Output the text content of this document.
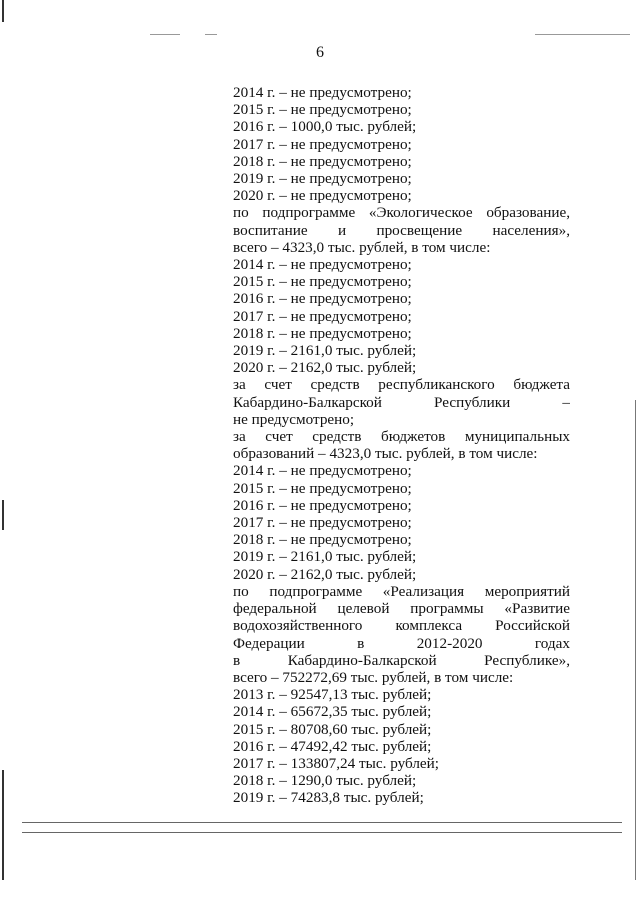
6
2014 г. – не предусмотрено;
2015 г. – не предусмотрено;
2016 г. – 1000,0 тыс. рублей;
2017 г. – не предусмотрено;
2018 г. – не предусмотрено;
2019 г. – не предусмотрено;
2020 г. – не предусмотрено;
по подпрограмме «Экологическое образование,
воспитание и просвещение населения»,
всего – 4323,0 тыс. рублей, в том числе:
2014 г. – не предусмотрено;
2015 г. – не предусмотрено;
2016 г. – не предусмотрено;
2017 г. – не предусмотрено;
2018 г. – не предусмотрено;
2019 г. – 2161,0 тыс. рублей;
2020 г. – 2162,0 тыс. рублей;
за счет средств республиканского бюджета
Кабардино-Балкарской Республики –
не предусмотрено;
за счет средств бюджетов муниципальных
образований – 4323,0 тыс. рублей, в том числе:
2014 г. – не предусмотрено;
2015 г. – не предусмотрено;
2016 г. – не предусмотрено;
2017 г. – не предусмотрено;
2018 г. – не предусмотрено;
2019 г. – 2161,0 тыс. рублей;
2020 г. – 2162,0 тыс. рублей;
по подпрограмме «Реализация мероприятий
федеральной целевой программы «Развитие
водохозяйственного комплекса Российской
Федерации в 2012-2020 годах
в Кабардино-Балкарской Республике»,
всего – 752272,69 тыс. рублей, в том числе:
2013 г. – 92547,13 тыс. рублей;
2014 г. – 65672,35 тыс. рублей;
2015 г. – 80708,60 тыс. рублей;
2016 г. – 47492,42 тыс. рублей;
2017 г. – 133807,24 тыс. рублей;
2018 г. – 1290,0 тыс. рублей;
2019 г. – 74283,8 тыс. рублей;
